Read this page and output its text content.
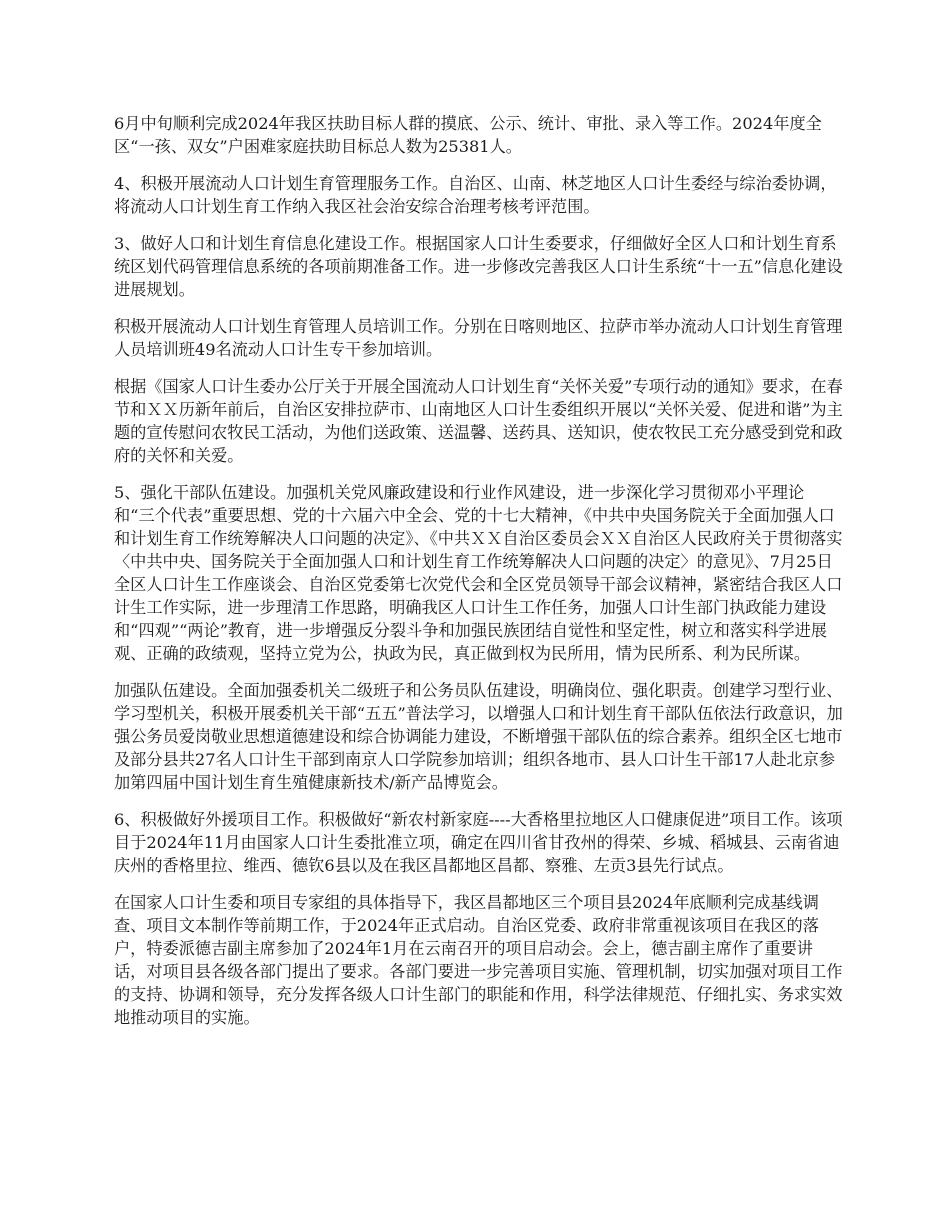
6月中旬顺利完成2024年我区扶助目标人群的摸底、公示、统计、审批、录入等工作。2024年度全区“一孩、双女”户困难家庭扶助目标总人数为25381人。

4、积极开展流动人口计划生育管理服务工作。自治区、山南、林芝地区人口计生委经与综治委协调，将流动人口计划生育工作纳入我区社会治安综合治理考核考评范围。

3、做好人口和计划生育信息化建设工作。根据国家人口计生委要求，仔细做好全区人口和计划生育系统区划代码管理信息系统的各项前期准备工作。进一步修改完善我区人口计生系统“十一五”信息化建设进展规划。

积极开展流动人口计划生育管理人员培训工作。分别在日喀则地区、拉萨市举办流动人口计划生育管理人员培训班49名流动人口计生专干参加培训。

根据《国家人口计生委办公厅关于开展全国流动人口计划生育“关怀关爱”专项行动的通知》要求，在春节和ＸＸ历新年前后，自治区安排拉萨市、山南地区人口计生委组织开展以“关怀关爱、促进和谐”为主题的宣传慰问农牧民工活动，为他们送政策、送温馨、送药具、送知识，使农牧民工充分感受到党和政府的关怀和关爱。

5、强化干部队伍建设。加强机关党风廉政建设和行业作风建设，进一步深化学习贯彻邓小平理论和“三个代表”重要思想、党的十六届六中全会、党的十七大精神，《中共中央国务院关于全面加强人口和计划生育工作统筹解决人口问题的决定》、《中共ＸＸ自治区委员会ＸＸ自治区人民政府关于贯彻落实〈中共中央、国务院关于全面加强人口和计划生育工作统筹解决人口问题的决定〉的意见》、7月25日全区人口计生工作座谈会、自治区党委第七次党代会和全区党员领导干部会议精神，紧密结合我区人口计生工作实际，进一步理清工作思路，明确我区人口计生工作任务，加强人口计生部门执政能力建设和“四观”“两论”教育，进一步增强反分裂斗争和加强民族团结自觉性和坚定性，树立和落实科学进展观、正确的政绩观，坚持立党为公，执政为民，真正做到权为民所用，情为民所系、利为民所谋。

加强队伍建设。全面加强委机关二级班子和公务员队伍建设，明确岗位、强化职责。创建学习型行业、学习型机关，积极开展委机关干部“五五”普法学习，以增强人口和计划生育干部队伍依法行政意识，加强公务员爱岗敬业思想道德建设和综合协调能力建设，不断增强干部队伍的综合素养。组织全区七地市及部分县共27名人口计生干部到南京人口学院参加培训；组织各地市、县人口计生干部17人赴北京参加第四届中国计划生育生殖健康新技术/新产品博览会。

6、积极做好外援项目工作。积极做好“新农村新家庭----大香格里拉地区人口健康促进”项目工作。该项目于2024年11月由国家人口计生委批准立项，确定在四川省甘孜州的得荣、乡城、稻城县、云南省迪庆州的香格里拉、维西、德钦6县以及在我区昌都地区昌都、察雅、左贡3县先行试点。

在国家人口计生委和项目专家组的具体指导下，我区昌都地区三个项目县2024年底顺利完成基线调查、项目文本制作等前期工作，于2024年正式启动。自治区党委、政府非常重视该项目在我区的落户，特委派德吉副主席参加了2024年1月在云南召开的项目启动会。会上，德吉副主席作了重要讲话，对项目县各级各部门提出了要求。各部门要进一步完善项目实施、管理机制，切实加强对项目工作的支持、协调和领导，充分发挥各级人口计生部门的职能和作用，科学法律规范、仔细扎实、务求实效地推动项目的实施。
